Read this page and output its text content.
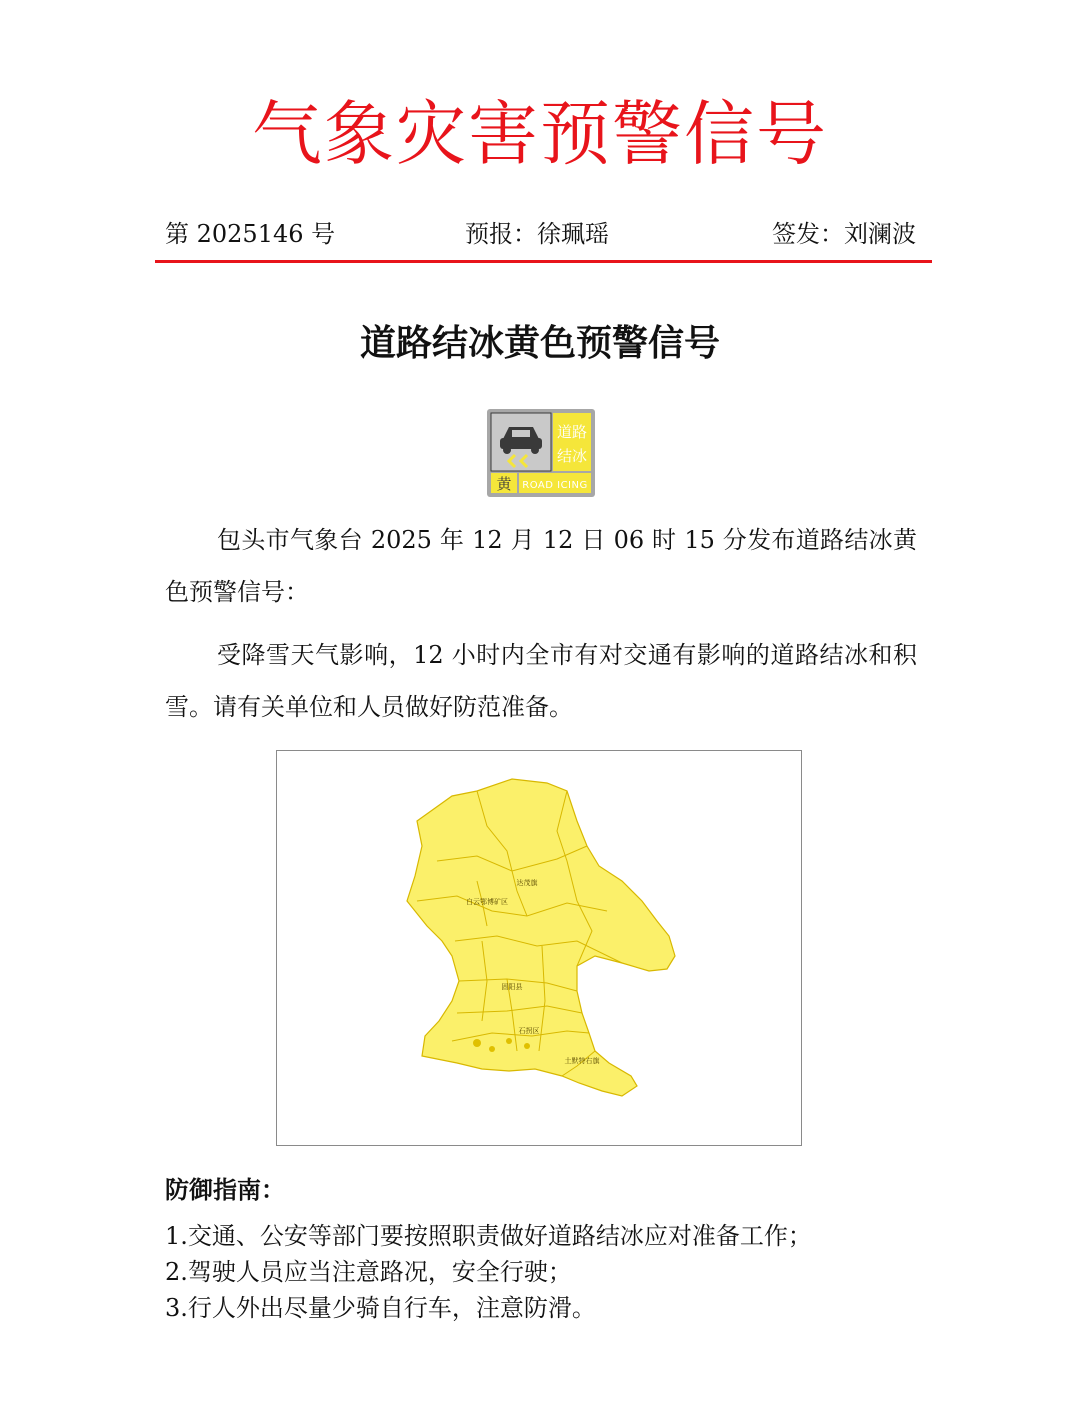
气象灾害预警信号
第 2025146 号	预报：徐珮瑶	签发：刘澜波
道路结冰黄色预警信号
道路
结冰
黄 ROAD ICING
包头市气象台 2025 年 12 月 12 日 06 时 15 分发布道路结冰黄色预警信号：
受降雪天气影响，12 小时内全市有对交通有影响的道路结冰和积雪。请有关单位和人员做好防范准备。
达茂旗
白云鄂博矿区
固阳县
石拐区
土默特右旗
防御指南：
1.交通、公安等部门要按照职责做好道路结冰应对准备工作；
2.驾驶人员应当注意路况，安全行驶；
3.行人外出尽量少骑自行车，注意防滑。
